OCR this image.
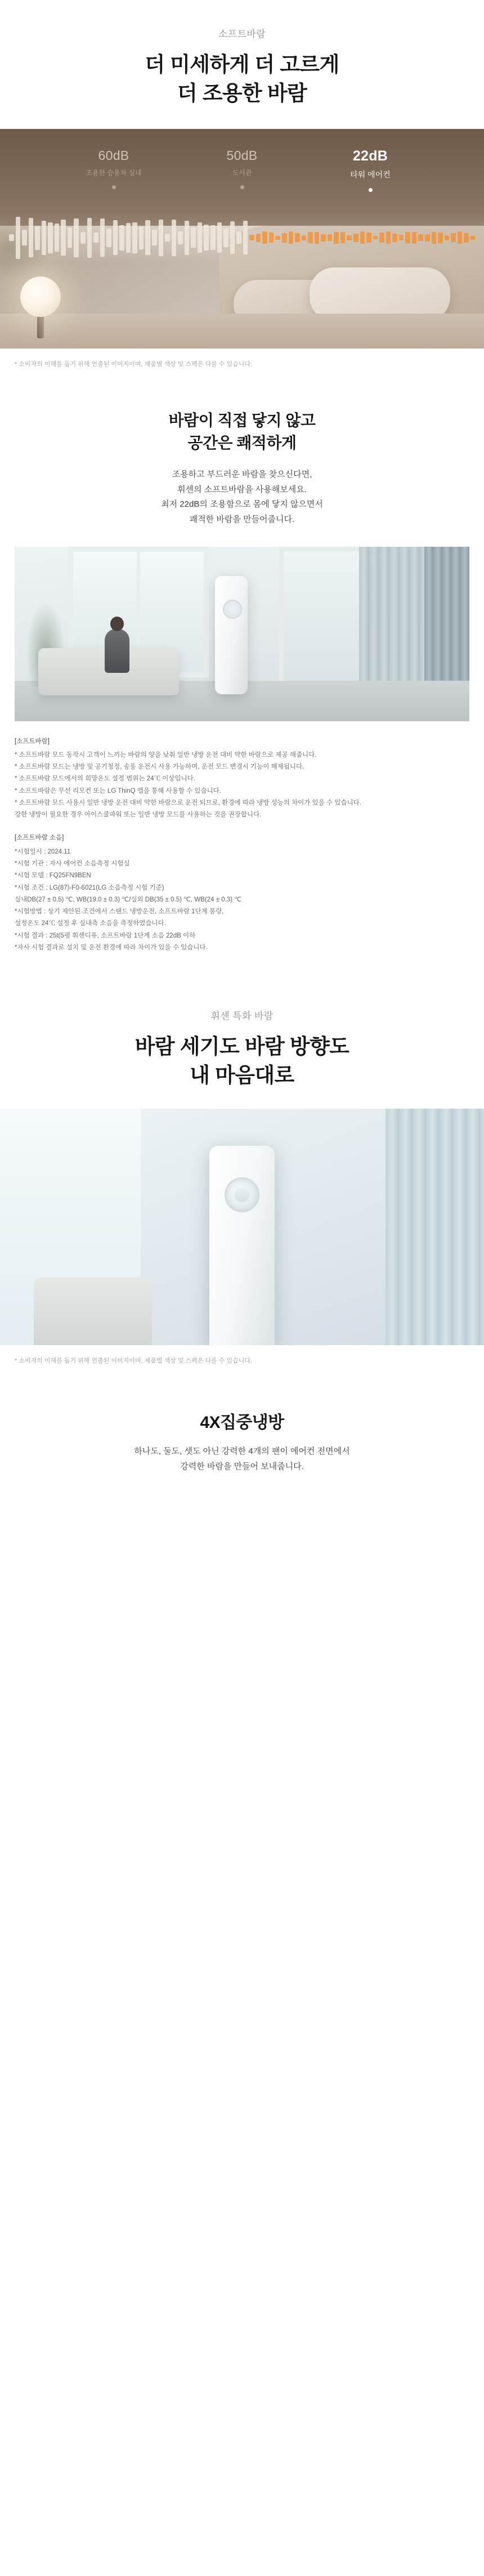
소프트바람
더 미세하게 더 고르게
더 조용한 바람
60dB
조용한 승용차 실내
50dB
도서관
22dB
타워 에어컨
* 소비자의 이해를 돕기 위해 연출된 이미지이며, 제품별 색상 및 스펙은 다를 수 있습니다.
바람이 직접 닿지 않고
공간은 쾌적하게
조용하고 부드러운 바람을 찾으신다면,
휘센의 소프트바람을 사용해보세요.
최저 22dB의 조용함으로 몸에 닿지 않으면서
쾌적한 바람을 만들어줍니다.
[소프트바람]

* 소프트바람 모드 동작시 고객이 느끼는 바람의 양을 낮춰 일반 냉방 운전 대비 약한 바람으로 제공 해줍니다.

* 소프트바람 모드는 냉방 및 공기청정, 송풍 운전시 사용 가능하며, 운전 모드 변경시 기능이 해제됩니다.

* 소프트바람 모드에서의 희망온도 설정 범위는 24℃ 이상입니다.

* 소프트바람은 무선 리모컨 또는 LG ThinQ 앱을 통해 사용할 수 있습니다.

* 소프트바람 모드 사용시 일반 냉방 운전 대비 약한 바람으로 운전 되므로, 환경에 따라 냉방 성능의 차이가 있을 수 있습니다.

강한 냉방이 필요한 경우 아이스쿨파워 또는 일반 냉방 모드를 사용하는 것을 권장합니다.

[소프트바람 소음]

*시험일시 : 2024.11

*시험 기관 : 자사 에어컨 소음측정 시험실

*시험 모델 : FQ25FN9BEN

*시험 조건 : LG(87)-F0-6021(LG 소음측정 시험 기준)

실내DB(27 ± 0.5) ℃, WB(19.0 ± 0.3) ℃/실외 DB(35 ± 0.5) ℃, WB(24 ± 0.3) ℃

*시험방법 : 상기 제안된 조건에서 스탠드 냉방운전, 소프트바람 1단계 풍량,

설정온도 24℃ 설정 후 실내측 소음을 측정하였습니다.

*시험 결과 : 25t(5평 휘센디퓨, 소프트바람 1단계 소음 22dB 이하

*자사 시험 결과로 설치 및 운전 환경에 따라 차이가 있을 수 있습니다.

휘센 특화 바람
바람 세기도 바람 방향도
내 마음대로
* 소비자의 이해를 돕기 위해 연출된 이미지이며, 제품별 색상 및 스펙은 다를 수 있습니다.
4X집중냉방
하나도, 둘도, 셋도 아닌 강력한 4개의 팬이 에어컨 전면에서
강력한 바람을 만들어 보내줍니다.
